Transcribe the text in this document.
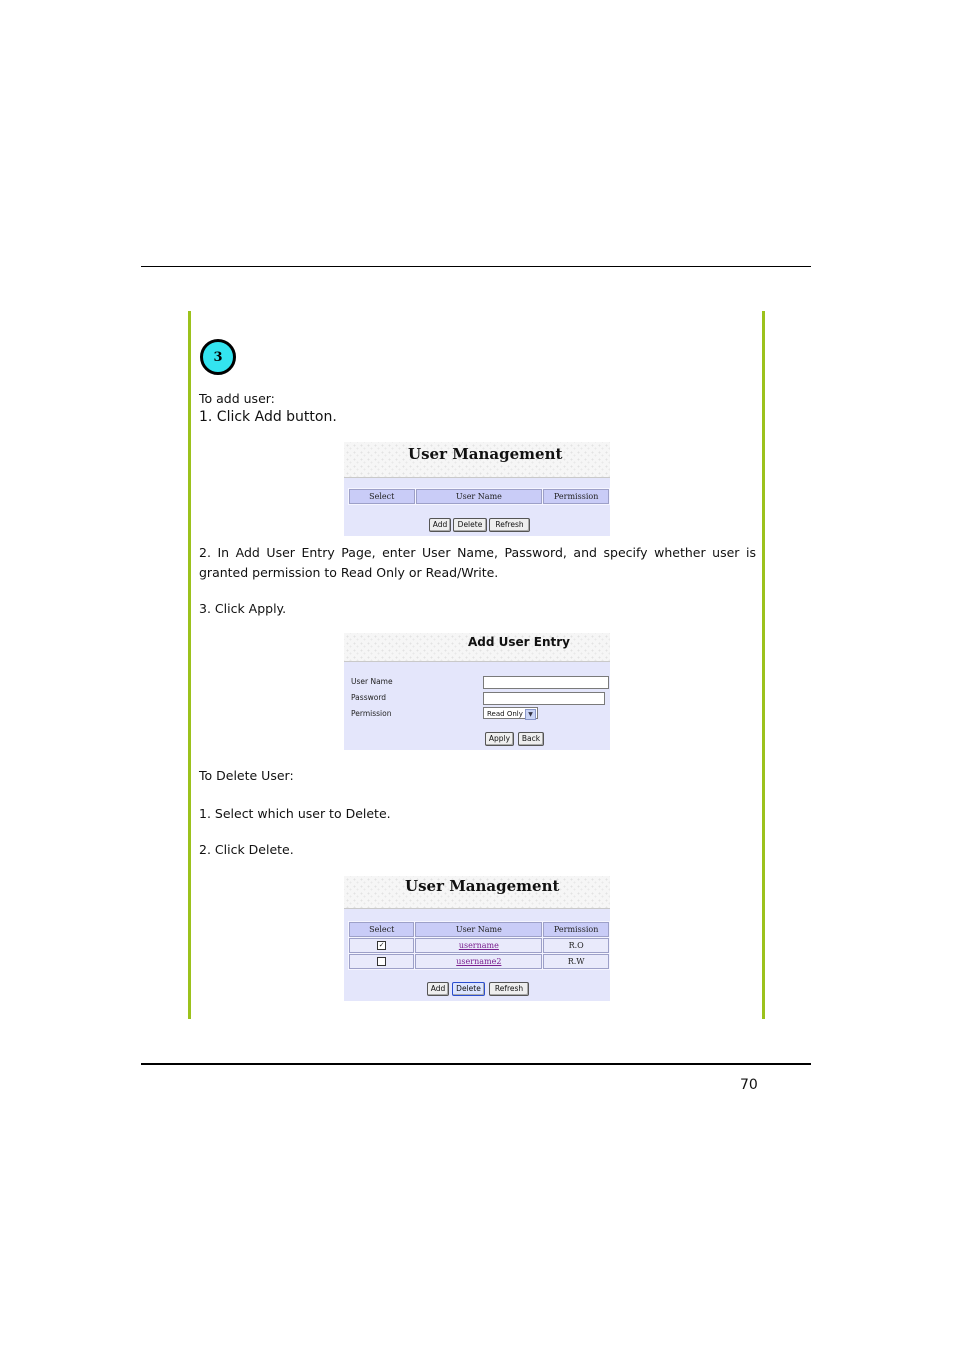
3
To add user:
1. Click Add button.
User Management
Select	User Name	Permission
Add	Delete	Refresh
2. In Add User Entry Page, enter User Name, Password, and specify whether user is granted permission to Read Only or Read/Write.
3. Click Apply.
Add User Entry
User Name
Password
Permission	Read Only ▼
Apply	Back
To Delete User:
1. Select which user to Delete.
2. Click Delete.
User Management
Select	User Name	Permission
✓	username	R.O
	username2	R.W
Add	Delete	Refresh
70
